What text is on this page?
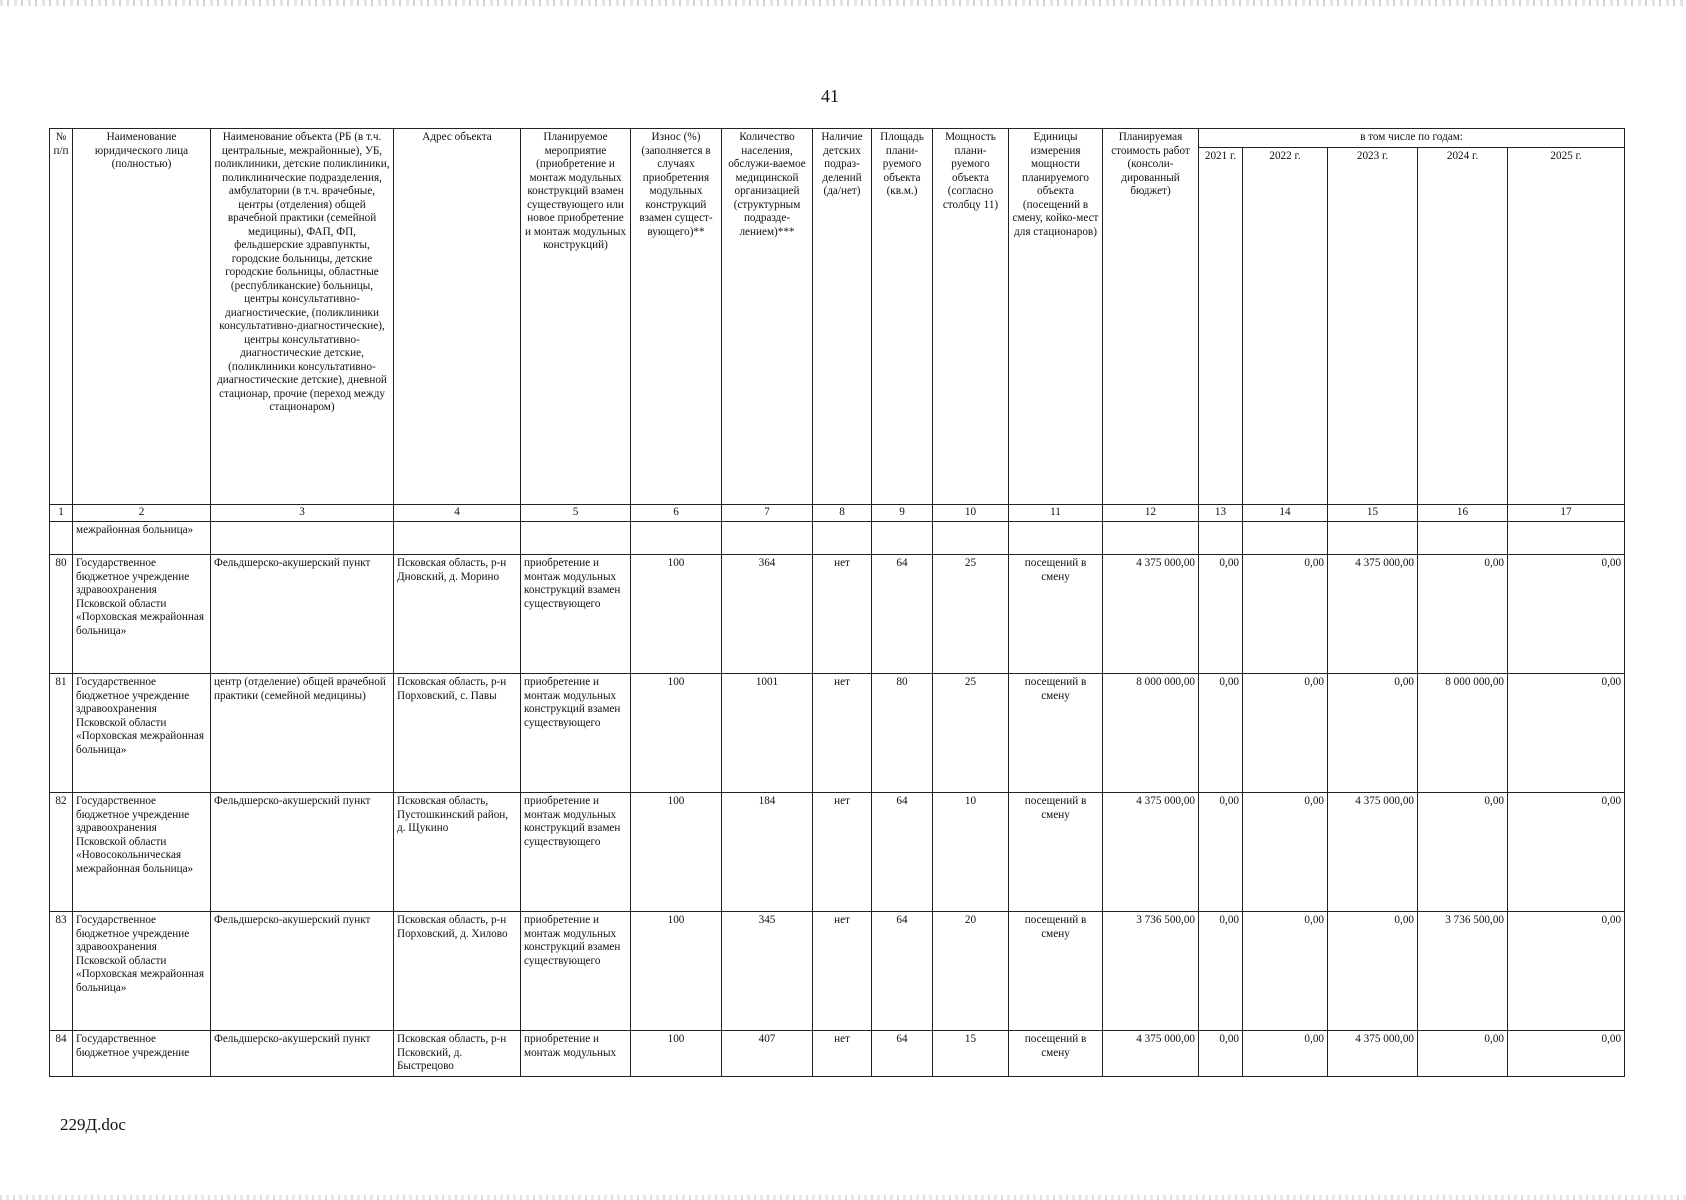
41
№ п/п	Наименование юридического лица (полностью)	Наименование объекта (РБ (в т.ч. центральные, межрайонные), УБ, поликлиники, детские поликлиники, поликлинические подразделения, амбулатории (в т.ч. врачебные, центры (отделения) общей врачебной практики (семейной медицины), ФАП, ФП, фельдшерские здравпункты, городские больницы, детские городские больницы, областные (республиканские) больницы, центры консультативно-диагностические, (поликлиники консультативно-диагностические), центры консультативно-диагностические детские, (поликлиники консультативно-диагностические детские), дневной стационар, прочие (переход между стационаром)	Адрес объекта	Планируемое мероприятие (приобретение и монтаж модульных конструкций взамен существующего или новое приобретение и монтаж модульных конструкций)	Износ (%) (заполняется в случаях приобретения модульных конструкций взамен сущест-вующего)**	Количество населения, обслужи-ваемое медицинской организацией (структурным подразде-лением)***	Наличие детских подраз-делений (да/нет)	Площадь плани-руемого объекта (кв.м.)	Мощность плани-руемого объекта (согласно столбцу 11)	Единицы измерения мощности планируемого объекта (посещений в смену, койко-мест для стационаров)	Планируемая стоимость работ (консоли-дированный бюджет)	в том числе по годам:				
												2021 г.	2022 г.	2023 г.	2024 г.	2025 г.
1	2	3	4	5	6	7	8	9	10	11	12	13	14	15	16	17
	межрайонная больница»															
80	Государственное бюджетное учреждение здравоохранения Псковской области «Порховская межрайонная больница»	Фельдшерско-акушерский пункт	Псковская область, р-н Дновский, д. Морино	приобретение и монтаж модульных конструкций взамен существующего	100	364	нет	64	25	посещений в смену	4 375 000,00	0,00	0,00	4 375 000,00	0,00	0,00
81	Государственное бюджетное учреждение здравоохранения Псковской области «Порховская межрайонная больница»	центр (отделение) общей врачебной практики (семейной медицины)	Псковская область, р-н Порховский, с. Павы	приобретение и монтаж модульных конструкций взамен существующего	100	1001	нет	80	25	посещений в смену	8 000 000,00	0,00	0,00	0,00	8 000 000,00	0,00
82	Государственное бюджетное учреждение здравоохранения Псковской области «Новосокольническая межрайонная больница»	Фельдшерско-акушерский пункт	Псковская область, Пустошкинский район, д. Щукино	приобретение и монтаж модульных конструкций взамен существующего	100	184	нет	64	10	посещений в смену	4 375 000,00	0,00	0,00	4 375 000,00	0,00	0,00
83	Государственное бюджетное учреждение здравоохранения Псковской области «Порховская межрайонная больница»	Фельдшерско-акушерский пункт	Псковская область, р-н Порховский, д. Хилово	приобретение и монтаж модульных конструкций взамен существующего	100	345	нет	64	20	посещений в смену	3 736 500,00	0,00	0,00	0,00	3 736 500,00	0,00
84	Государственное бюджетное учреждение	Фельдшерско-акушерский пункт	Псковская область, р-н Псковский, д. Быстрецово	приобретение и монтаж модульных	100	407	нет	64	15	посещений в смену	4 375 000,00	0,00	0,00	4 375 000,00	0,00	0,00
229Д.doc
